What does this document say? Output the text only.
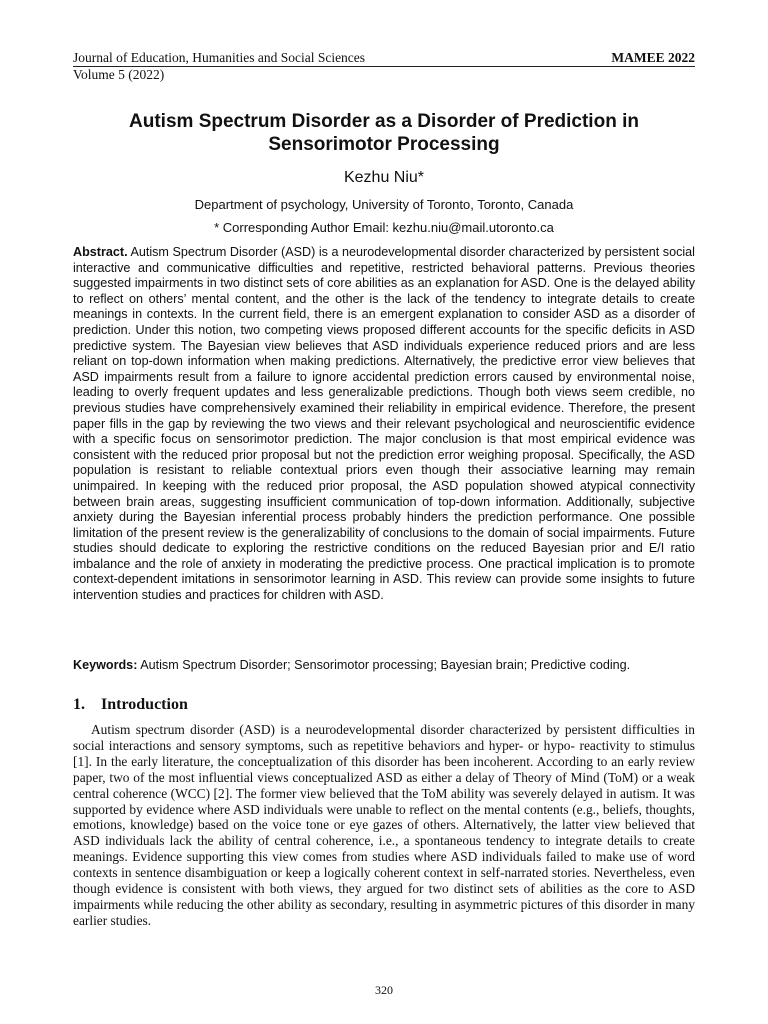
Journal of Education, Humanities and Social Sciences	MAMEE 2022
Volume 5 (2022)
Autism Spectrum Disorder as a Disorder of Prediction in Sensorimotor Processing
Kezhu Niu*
Department of psychology, University of Toronto, Toronto, Canada
* Corresponding Author Email: kezhu.niu@mail.utoronto.ca

Abstract. Autism Spectrum Disorder (ASD) is a neurodevelopmental disorder characterized by persistent social interactive and communicative difficulties and repetitive, restricted behavioral patterns. Previous theories suggested impairments in two distinct sets of core abilities as an explanation for ASD. One is the delayed ability to reflect on others’ mental content, and the other is the lack of the tendency to integrate details to create meanings in contexts. In the current field, there is an emergent explanation to consider ASD as a disorder of prediction. Under this notion, two competing views proposed different accounts for the specific deficits in ASD predictive system. The Bayesian view believes that ASD individuals experience reduced priors and are less reliant on top-down information when making predictions. Alternatively, the predictive error view believes that ASD impairments result from a failure to ignore accidental prediction errors caused by environmental noise, leading to overly frequent updates and less generalizable predictions. Though both views seem credible, no previous studies have comprehensively examined their reliability in empirical evidence. Therefore, the present paper fills in the gap by reviewing the two views and their relevant psychological and neuroscientific evidence with a specific focus on sensorimotor prediction. The major conclusion is that most empirical evidence was consistent with the reduced prior proposal but not the prediction error weighing proposal. Specifically, the ASD population is resistant to reliable contextual priors even though their associative learning may remain unimpaired. In keeping with the reduced prior proposal, the ASD population showed atypical connectivity between brain areas, suggesting insufficient communication of top-down information. Additionally, subjective anxiety during the Bayesian inferential process probably hinders the prediction performance. One possible limitation of the present review is the generalizability of conclusions to the domain of social impairments. Future studies should dedicate to exploring the restrictive conditions on the reduced Bayesian prior and E/I ratio imbalance and the role of anxiety in moderating the predictive process. One practical implication is to promote context-dependent imitations in sensorimotor learning in ASD. This review can provide some insights to future intervention studies and practices for children with ASD.

Keywords: Autism Spectrum Disorder; Sensorimotor processing; Bayesian brain; Predictive coding.

1. Introduction

Autism spectrum disorder (ASD) is a neurodevelopmental disorder characterized by persistent difficulties in social interactions and sensory symptoms, such as repetitive behaviors and hyper- or hypo- reactivity to stimulus [1]. In the early literature, the conceptualization of this disorder has been incoherent. According to an early review paper, two of the most influential views conceptualized ASD as either a delay of Theory of Mind (ToM) or a weak central coherence (WCC) [2]. The former view believed that the ToM ability was severely delayed in autism. It was supported by evidence where ASD individuals were unable to reflect on the mental contents (e.g., beliefs, thoughts, emotions, knowledge) based on the voice tone or eye gazes of others. Alternatively, the latter view believed that ASD individuals lack the ability of central coherence, i.e., a spontaneous tendency to integrate details to create meanings. Evidence supporting this view comes from studies where ASD individuals failed to make use of word contexts in sentence disambiguation or keep a logically coherent context in self-narrated stories. Nevertheless, even though evidence is consistent with both views, they argued for two distinct sets of abilities as the core to ASD impairments while reducing the other ability as secondary, resulting in asymmetric pictures of this disorder in many earlier studies.

320
